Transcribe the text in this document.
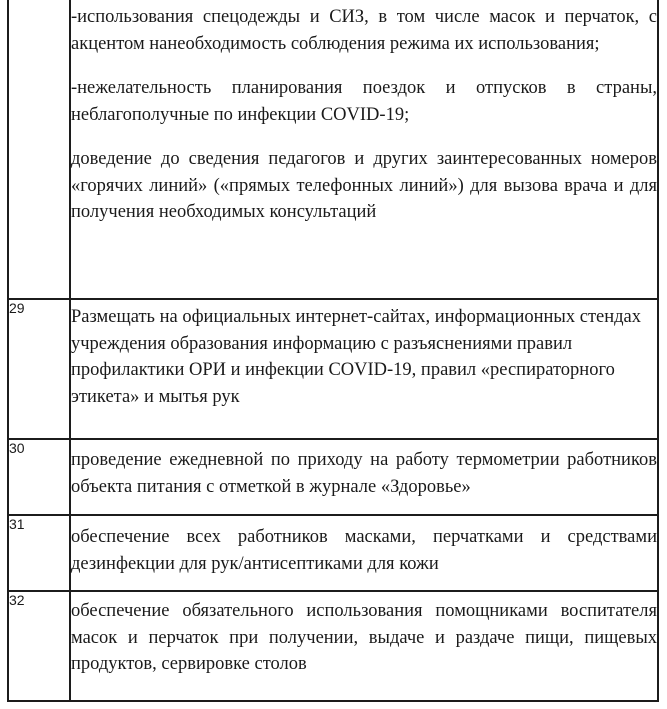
	-использования спецодежды и СИЗ, в том числе масок и перчаток, с акцентом нанеобходимость соблюдения режима их использования;

-нежелательность планирования поездок и отпусков в страны, неблагополучные по инфекции COVID-19;

доведение до сведения педагогов и других заинтересованных номеров «горячих линий» («прямых телефонных линий») для вызова врача и для получения необходимых консультаций

29	Размещать на официальных интернет-сайтах, информационных стендах учреждения образования информацию с разъяснениями правил профилактики ОРИ и инфекции COVID-19, правил «респираторного этикета» и мытья рук

30	проведение ежедневной по приходу на работу термометрии работников объекта питания с отметкой в журнале «Здоровье»

31	обеспечение всех работников масками, перчатками и средствами дезинфекции для рук/антисептиками для кожи

32	обеспечение обязательного использования помощниками воспитателя масок и перчаток при получении, выдаче и раздаче пищи, пищевых продуктов, сервировке столов
